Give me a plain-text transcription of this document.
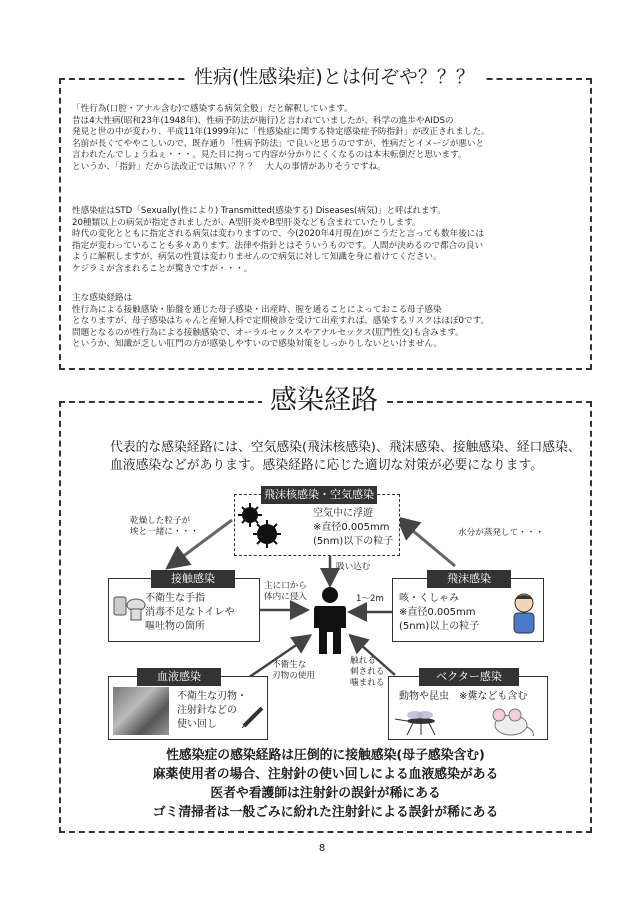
性病(性感染症)とは何ぞや？？？
「性行為(口腔・アナル含む)で感染する病気全般」だと解釈しています。
昔は4大性病(昭和23年(1948年)、性病予防法が施行)と言われていましたが、科学の進歩やAIDSの
発見と世の中が変わり、平成11年(1999年)に「性感染症に関する特定感染症予防指針」が改正されました。
名前が長くてややこしいので、既存通り「性病予防法」で良いと思うのですが、性病だとイメージが悪いと
言われたんでしょうねぇ・・・。見た目に拘って内容が分かりにくくなるのは本末転倒だと思います。
というか、「指針」だから法改正では無い？？？　大人の事情がありそうですね。
性感染症はSTD「Sexually(性により) Transmitted(感染する) Diseases(病気)」と呼ばれます。
20種類以上の病気が指定されましたが、A型肝炎やB型肝炎なども含まれていたりします。
時代の変化とともに指定される病気は変わりますので、今(2020年4月現在)がこうだと言っても数年後には
指定が変わっていることも多々あります。法律や指針とはそういうものです。人間が決めるので都合の良い
ように解釈しますが、病気の性質は変わりませんので病気に対して知識を身に着けてください。
ケジラミが含まれることが驚きですが・・・。
主な感染経路は
性行為による接触感染・胎盤を通じた母子感染・出産時、膣を通ることによっておこる母子感染
となりますが、母子感染はちゃんと産婦人科で定期検診を受けて出産すれば、感染するリスクはほぼ0です。
問題となるのが性行為による接触感染で、オーラルセックスやアナルセックス(肛門性交)も含みます。
というか、知識が乏しい肛門の方が感染しやすいので感染対策をしっかりしないといけません。
感染経路
代表的な感染経路には、空気感染(飛沫核感染)、飛沫感染、接触感染、経口感染、
血液感染などがあります。感染経路に応じた適切な対策が必要になります。
飛沫核感染・空気感染
空気中に浮遊
※直径0.005mm
(5nm)以下の粒子
接触感染
不衛生な手指
消毒不足なトイレや
嘔吐物の箇所
飛沫感染
咳・くしゃみ
※直径0.005mm
(5nm)以上の粒子
血液感染
不衛生な刃物・
注射針などの
使い回し
ベクター感染
動物や昆虫　※糞なども含む
乾燥した粒子が
埃と一緒に・・・	水分が蒸発して・・・
吸い込む
主に口から
体内に侵入	1～2m
不衛生な
刃物の使用
触れる
刺される
噛まれる
性感染症の感染経路は圧倒的に接触感染(母子感染含む)
麻薬使用者の場合、注射針の使い回しによる血液感染がある
医者や看護師は注射針の誤針が稀にある
ゴミ清掃者は一般ごみに紛れた注射針による誤針が稀にある
8
